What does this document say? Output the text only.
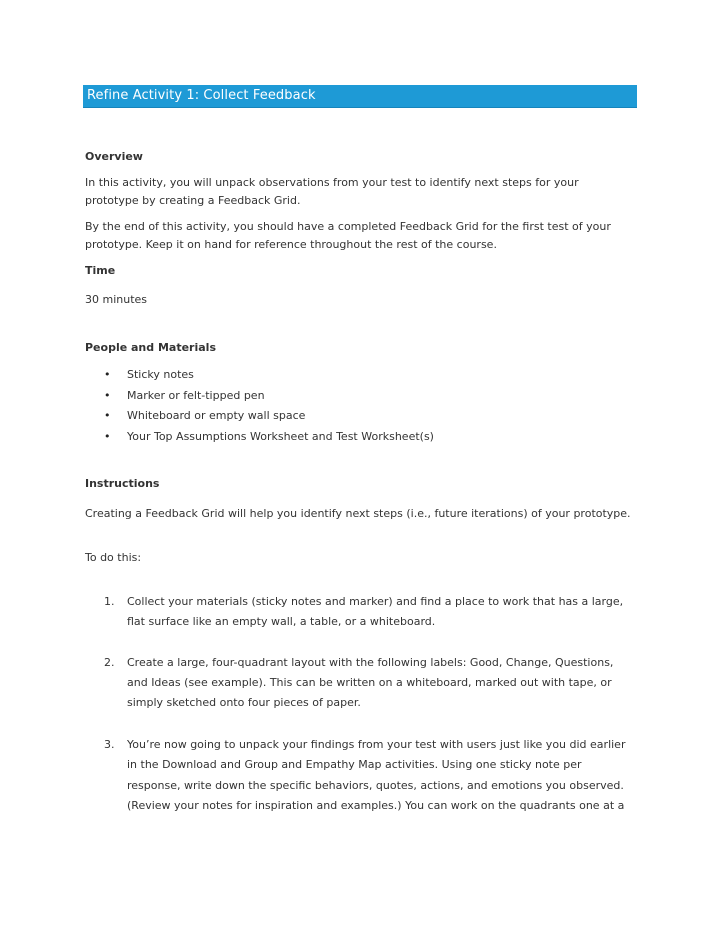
Refine Activity 1: Collect Feedback
Overview
In this activity, you will unpack observations from your test to identify next steps for your
prototype by creating a Feedback Grid.
By the end of this activity, you should have a completed Feedback Grid for the first test of your
prototype. Keep it on hand for reference throughout the rest of the course.
Time
30 minutes
People and Materials
• Sticky notes
• Marker or felt-tipped pen
• Whiteboard or empty wall space
• Your Top Assumptions Worksheet and Test Worksheet(s)
Instructions
Creating a Feedback Grid will help you identify next steps (i.e., future iterations) of your prototype.
To do this:
1. Collect your materials (sticky notes and marker) and find a place to work that has a large,
flat surface like an empty wall, a table, or a whiteboard.
2. Create a large, four-quadrant layout with the following labels: Good, Change, Questions,
and Ideas (see example). This can be written on a whiteboard, marked out with tape, or
simply sketched onto four pieces of paper.
3. You’re now going to unpack your findings from your test with users just like you did earlier
in the Download and Group and Empathy Map activities. Using one sticky note per
response, write down the specific behaviors, quotes, actions, and emotions you observed.
(Review your notes for inspiration and examples.) You can work on the quadrants one at a
